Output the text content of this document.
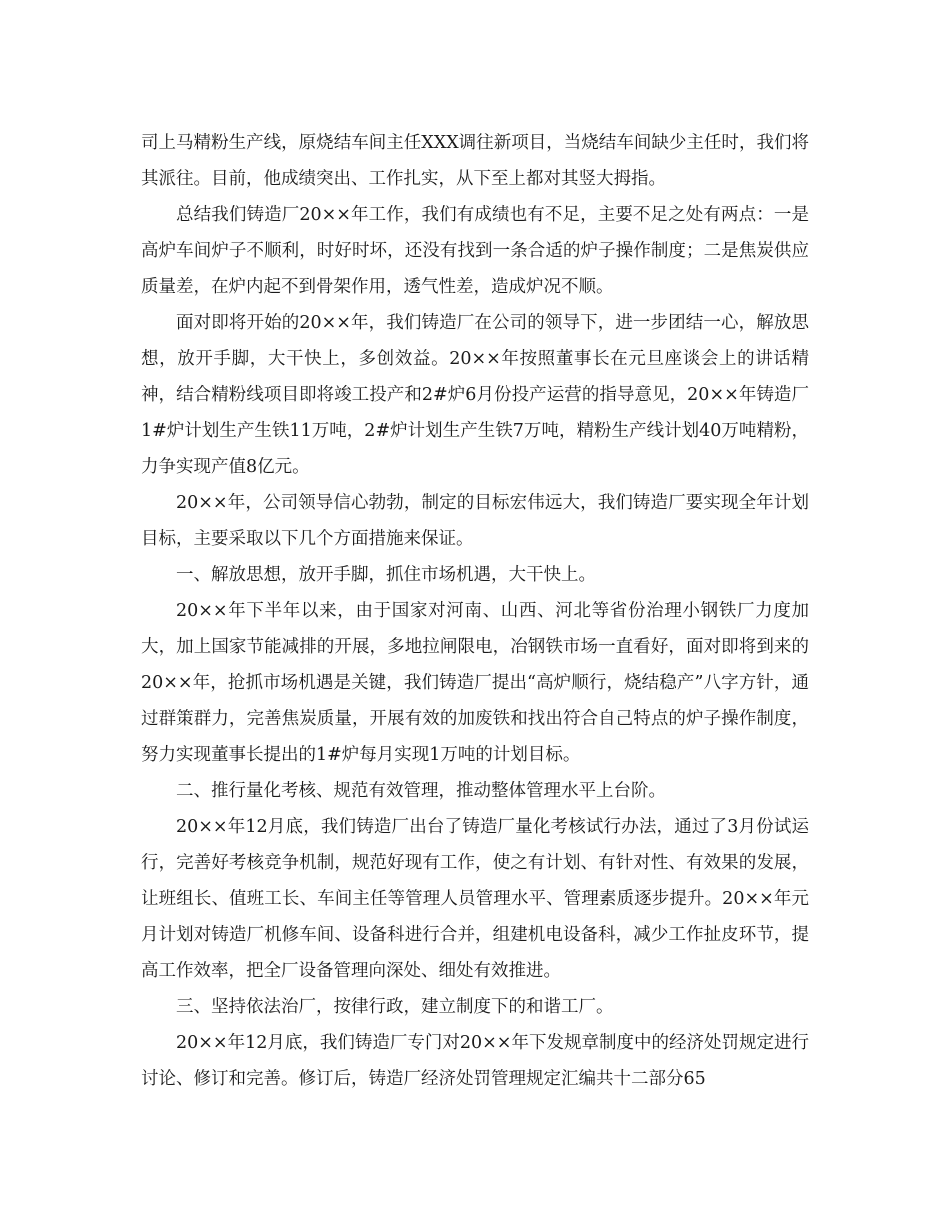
司上马精粉生产线，原烧结车间主任XXX调往新项目，当烧结车间缺少主任时，我们将其派往。目前，他成绩突出、工作扎实，从下至上都对其竖大拇指。

总结我们铸造厂20××年工作，我们有成绩也有不足，主要不足之处有两点：一是高炉车间炉子不顺利，时好时坏，还没有找到一条合适的炉子操作制度；二是焦炭供应质量差，在炉内起不到骨架作用，透气性差，造成炉况不顺。

面对即将开始的20××年，我们铸造厂在公司的领导下，进一步团结一心，解放思想，放开手脚，大干快上，多创效益。20××年按照董事长在元旦座谈会上的讲话精神，结合精粉线项目即将竣工投产和2#炉6月份投产运营的指导意见，20××年铸造厂1#炉计划生产生铁11万吨，2#炉计划生产生铁7万吨，精粉生产线计划40万吨精粉，力争实现产值8亿元。

20××年，公司领导信心勃勃，制定的目标宏伟远大，我们铸造厂要实现全年计划目标，主要采取以下几个方面措施来保证。

一、解放思想，放开手脚，抓住市场机遇，大干快上。

20××年下半年以来，由于国家对河南、山西、河北等省份治理小钢铁厂力度加大，加上国家节能减排的开展，多地拉闸限电，冶钢铁市场一直看好，面对即将到来的20××年，抢抓市场机遇是关键，我们铸造厂提出“高炉顺行，烧结稳产”八字方针，通过群策群力，完善焦炭质量，开展有效的加废铁和找出符合自己特点的炉子操作制度，努力实现董事长提出的1#炉每月实现1万吨的计划目标。

二、推行量化考核、规范有效管理，推动整体管理水平上台阶。

20××年12月底，我们铸造厂出台了铸造厂量化考核试行办法，通过了3月份试运行，完善好考核竞争机制，规范好现有工作，使之有计划、有针对性、有效果的发展，让班组长、值班工长、车间主任等管理人员管理水平、管理素质逐步提升。20××年元月计划对铸造厂机修车间、设备科进行合并，组建机电设备科，减少工作扯皮环节，提高工作效率，把全厂设备管理向深处、细处有效推进。

三、坚持依法治厂，按律行政，建立制度下的和谐工厂。

20××年12月底，我们铸造厂专门对20××年下发规章制度中的经济处罚规定进行讨论、修订和完善。修订后，铸造厂经济处罚管理规定汇编共十二部分65
